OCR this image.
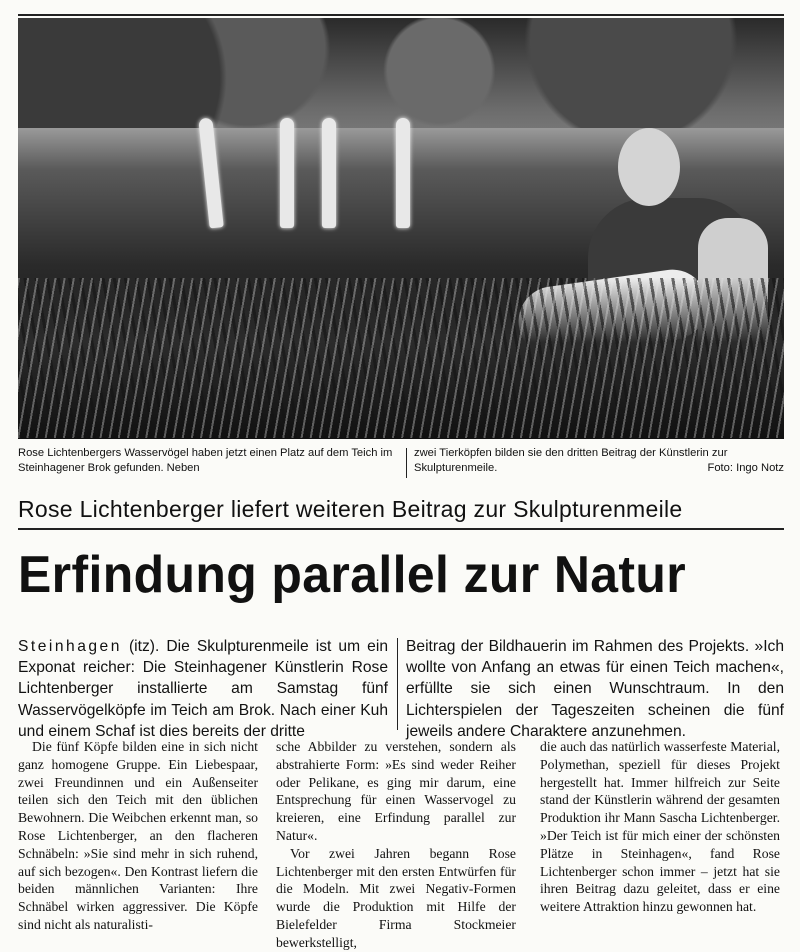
Rose Lichtenbergers Wasservögel haben jetzt einen Platz auf dem Teich im Steinhagener Brok gefunden. Neben
zwei Tierköpfen bilden sie den dritten Beitrag der Künstlerin zur Skulpturenmeile.	Foto: Ingo Notz
Rose Lichtenberger liefert weiteren Beitrag zur Skulpturenmeile
Erfindung parallel zur Natur
Steinhagen (itz). Die Skulpturenmeile ist um ein Exponat reicher: Die Steinhagener Künstlerin Rose Lichtenberger installierte am Samstag fünf Wasservögelköpfe im Teich am Brok. Nach einer Kuh und einem Schaf ist dies bereits der dritte
Beitrag der Bildhauerin im Rahmen des Projekts. »Ich wollte von Anfang an etwas für einen Teich machen«, erfüllte sie sich einen Wunschtraum. In den Lichterspielen der Tageszeiten scheinen die fünf jeweils andere Charaktere anzunehmen.
Die fünf Köpfe bilden eine in sich nicht ganz homogene Gruppe. Ein Liebespaar, zwei Freundinnen und ein Außenseiter teilen sich den Teich mit den üblichen Bewohnern. Die Weibchen erkennt man, so Rose Lichtenberger, an den flacheren Schnäbeln: »Sie sind mehr in sich ruhend, auf sich bezogen«. Den Kontrast liefern die beiden männlichen Varianten: Ihre Schnäbel wirken aggressiver. Die Köpfe sind nicht als naturalisti-
sche Abbilder zu verstehen, sondern als abstrahierte Form: »Es sind weder Reiher oder Pelikane, es ging mir darum, eine Entsprechung für einen Wasservogel zu kreieren, eine Erfindung parallel zur Natur«.
Vor zwei Jahren begann Rose Lichtenberger mit den ersten Entwürfen für die Modeln. Mit zwei Negativ-Formen wurde die Produktion mit Hilfe der Bielefelder Firma Stockmeier bewerkstelligt,
die auch das natürlich wasserfeste Material, Polymethan, speziell für dieses Projekt hergestellt hat. Immer hilfreich zur Seite stand der Künstlerin während der gesamten Produktion ihr Mann Sascha Lichtenberger. »Der Teich ist für mich einer der schönsten Plätze in Steinhagen«, fand Rose Lichtenberger schon immer – jetzt hat sie ihren Beitrag dazu geleitet, dass er eine weitere Attraktion hinzu gewonnen hat.
